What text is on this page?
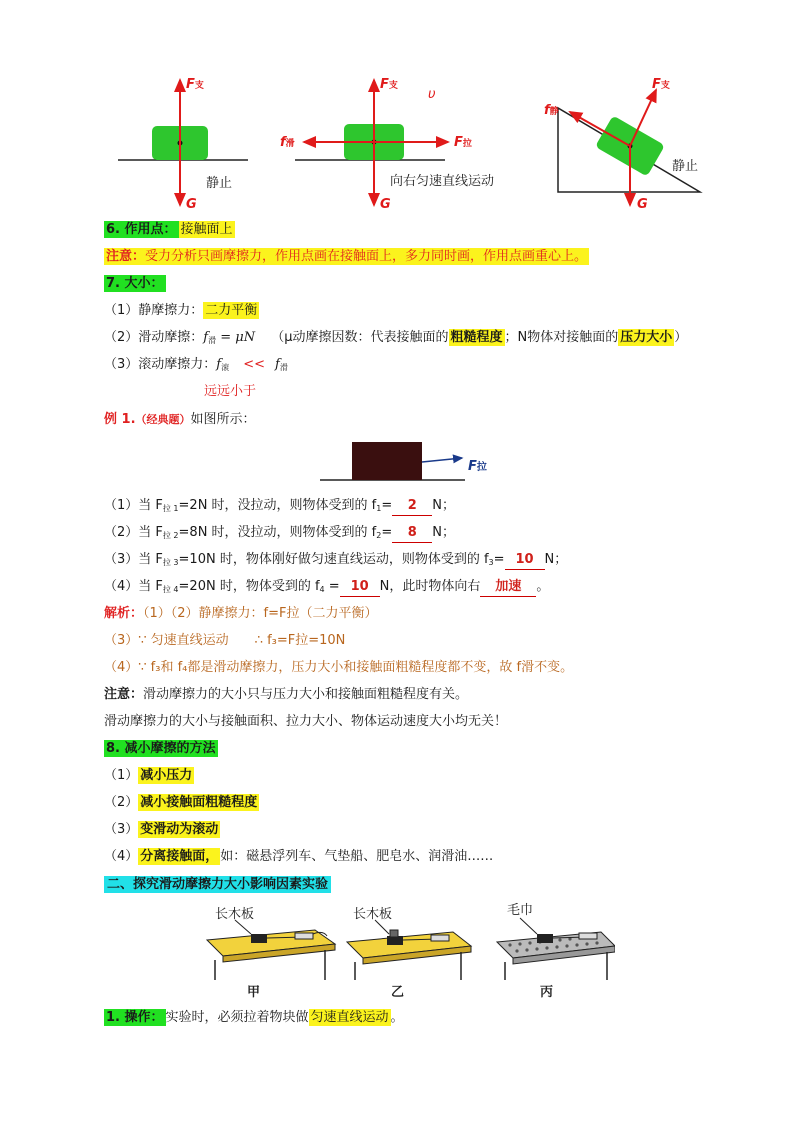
F支
G
静止
F支
υ
f滑	F拉
G
向右匀速直线运动
F支
f静
G
静止
6. 作用点： 接触面上
注意：受力分析只画摩擦力，作用点画在接触面上，多力同时画，作用点画重心上。
7. 大小：
（1）静摩擦力： 二力平衡
（2）滑动摩擦：$f_滑 = \mu N$ （μ动摩擦因数：代表接触面的 粗糙程度 ；N物体对接触面的 压力大小 ）
（3）滚动摩擦力：$f_滚 << f_滑$
远远小于
例 1.（经典题）如图所示：
F拉
（1）当 $F_{拉 1}=2N$ 时，没拉动，则物体受到的 $f_1= 2$ N；
（2）当 $F_{拉 2}=8N$ 时，没拉动，则物体受到的 $f_2= 8$ N；
（3）当 $F_{拉 3}=10N$ 时，物体刚好做匀速直线运动，则物体受到的 $f_3= 10$ N；
（4）当 $F_{拉 4}=20N$ 时，物体受到的 $f_4 = 10$ N，此时物体向右 加速 。
解析：（1）（2）静摩擦力：f=F拉（二力平衡）
（3）∵ 匀速直线运动　　∴ f₃=F拉=10N
（4）∵ f₃和 f₄都是滑动摩擦力，压力大小和接触面粗糙程度都不变，故 f滑不变。
注意：滑动摩擦力的大小只与压力大小和接触面粗糙程度有关。
滑动摩擦力的大小与接触面积、拉力大小、物体运动速度大小均无关！
8. 减小摩擦的方法
（1） 减小压力
（2） 减小接触面粗糙程度
（3） 变滑动为滚动
（4） 分离接触面， 如：磁悬浮列车、气垫船、肥皂水、润滑油……
二、探究滑动摩擦力大小影响因素实验
长木板
甲
长木板
乙
毛巾
丙
1. 操作： 实验时，必须拉着物块做 匀速直线运动 。
